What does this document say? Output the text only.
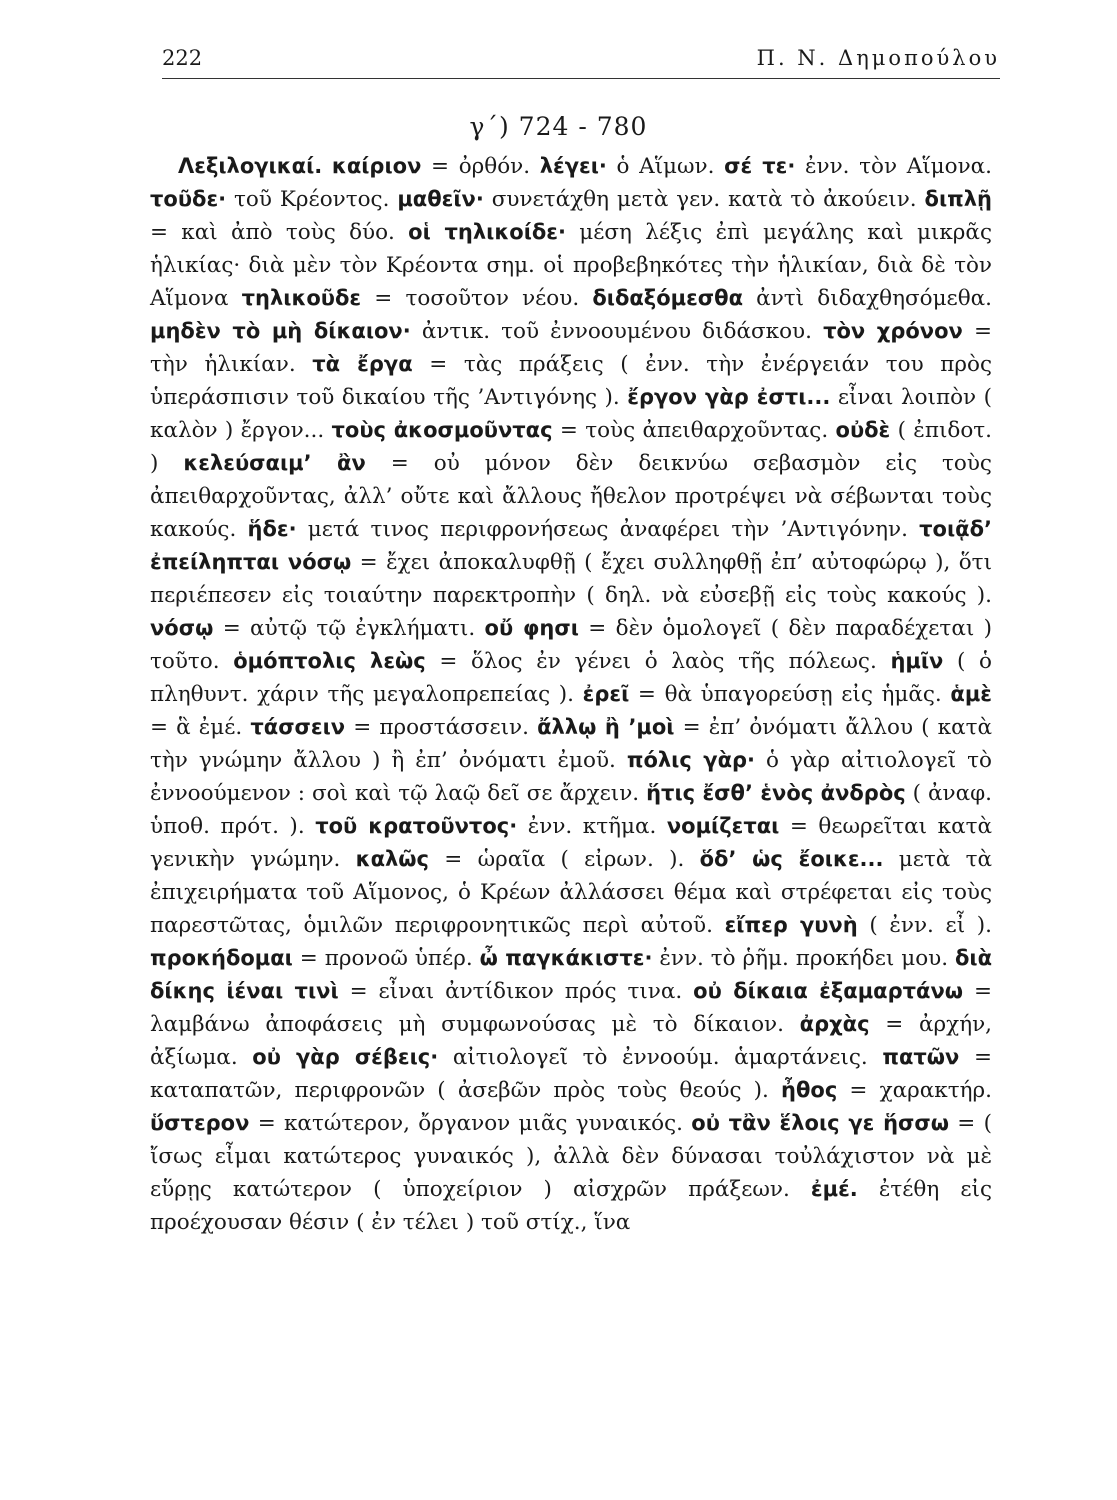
222	Π. Ν. Δημοπούλου
γ΄) 724 - 780

Λεξιλογικαί. καίριον = ὀρθόν. λέγει· ὁ Αἵμων. σέ τε· ἐνν. τὸν Αἵμονα. τοῦδε· τοῦ Κρέοντος. μαθεῖν· συνετάχθη μετὰ γεν. κατὰ τὸ ἀκούειν. διπλῇ = καὶ ἀπὸ τοὺς δύο. οἱ τηλικοίδε· μέση λέξις ἐπὶ μεγάλης καὶ μικρᾶς ἡλικίας· διὰ μὲν τὸν Κρέοντα σημ. οἱ προβεβηκότες τὴν ἡλικίαν, διὰ δὲ τὸν Αἵμονα τηλικοῦδε = τοσοῦτον νέου. διδαξόμεσθα ἀντὶ διδαχθησόμεθα. μηδὲν τὸ μὴ δίκαιον· ἀντικ. τοῦ ἐννοουμένου διδάσκου. τὸν χρόνον = τὴν ἡλικίαν. τὰ ἔργα = τὰς πράξεις ( ἐνν. τὴν ἐνέργειάν του πρὸς ὑπεράσπισιν τοῦ δικαίου τῆς ’Αντιγόνης ). ἔργον γὰρ ἐστι... εἶναι λοιπὸν ( καλὸν ) ἔργον... τοὺς ἀκοσμοῦντας = τοὺς ἀπειθαρχοῦντας. οὐδὲ ( ἐπιδοτ. ) κελεύσαιμ’ ἂν = οὐ μόνον δὲν δεικνύω σεβασμὸν εἰς τοὺς ἀπειθαρχοῦντας, ἀλλ’ οὔτε καὶ ἄλλους ἤθελον προτρέψει νὰ σέβωνται τοὺς κακούς. ἥδε· μετά τινος περιφρονήσεως ἀναφέρει τὴν ’Αντιγόνην. τοιᾷδ’ ἐπείληπται νόσῳ = ἔχει ἀποκαλυφθῇ ( ἔχει συλληφθῇ ἐπ’ αὐτοφώρῳ ), ὅτι περιέπεσεν εἰς τοιαύτην παρεκτροπὴν ( δηλ. νὰ εὐσεβῇ εἰς τοὺς κακούς ). νόσῳ = αὐτῷ τῷ ἐγκλήματι. οὔ φησι = δὲν ὁμολογεῖ ( δὲν παραδέχεται ) τοῦτο. ὁμόπτολις λεὼς = ὅλος ἐν γένει ὁ λαὸς τῆς πόλεως. ἡμῖν ( ὁ πληθυντ. χάριν τῆς μεγαλοπρεπείας ). ἐρεῖ = θὰ ὑπαγορεύσῃ εἰς ἡμᾶς. ἁμὲ = ἃ ἐμέ. τάσσειν = προστάσσειν. ἄλλῳ ἢ ’μοὶ = ἐπ’ ὀνόματι ἄλλου ( κατὰ τὴν γνώμην ἄλλου ) ἢ ἐπ’ ὀνόματι ἐμοῦ. πόλις γὰρ· ὁ γὰρ αἰτιολογεῖ τὸ ἐννοούμενον : σοὶ καὶ τῷ λαῷ δεῖ σε ἄρχειν. ἥτις ἔσθ’ ἑνὸς ἀνδρὸς ( ἀναφ. ὑποθ. πρότ. ). τοῦ κρατοῦντος· ἐνν. κτῆμα. νομίζεται = θεωρεῖται κατὰ γενικὴν γνώμην. καλῶς = ὡραῖα ( εἰρων. ). ὅδ’ ὡς ἔοικε... μετὰ τὰ ἐπιχειρήματα τοῦ Αἵμονος, ὁ Κρέων ἀλλάσσει θέμα καὶ στρέφεται εἰς τοὺς παρεστῶτας, ὁμιλῶν περιφρονητικῶς περὶ αὐτοῦ. εἴπερ γυνὴ ( ἐνν. εἶ ). προκήδομαι = προνοῶ ὑπέρ. ὦ παγκάκιστε· ἐνν. τὸ ῥῆμ. προκήδει μου. διὰ δίκης ἰέναι τινὶ = εἶναι ἀντίδικον πρός τινα. οὐ δίκαια ἐξαμαρτάνω = λαμβάνω ἀποφάσεις μὴ συμφωνούσας μὲ τὸ δίκαιον. ἀρχὰς = ἀρχήν, ἀξίωμα. οὐ γὰρ σέβεις· αἰτιολογεῖ τὸ ἐννοούμ. ἁμαρτάνεις. πατῶν = καταπατῶν, περιφρονῶν ( ἀσεβῶν πρὸς τοὺς θεούς ). ἦθος = χαρακτήρ. ὕστερον = κατώτερον, ὄργανον μιᾶς γυναικός. οὐ τἂν ἕλοις γε ἥσσω = ( ἴσως εἶμαι κατώτερος γυναικός ), ἀλλὰ δὲν δύνασαι τοὐλάχιστον νὰ μὲ εὕρῃς κατώτερον ( ὑποχείριον ) αἰσχρῶν πράξεων. ἐμέ. ἐτέθη εἰς προέχουσαν θέσιν ( ἐν τέλει ) τοῦ στίχ., ἵνα
